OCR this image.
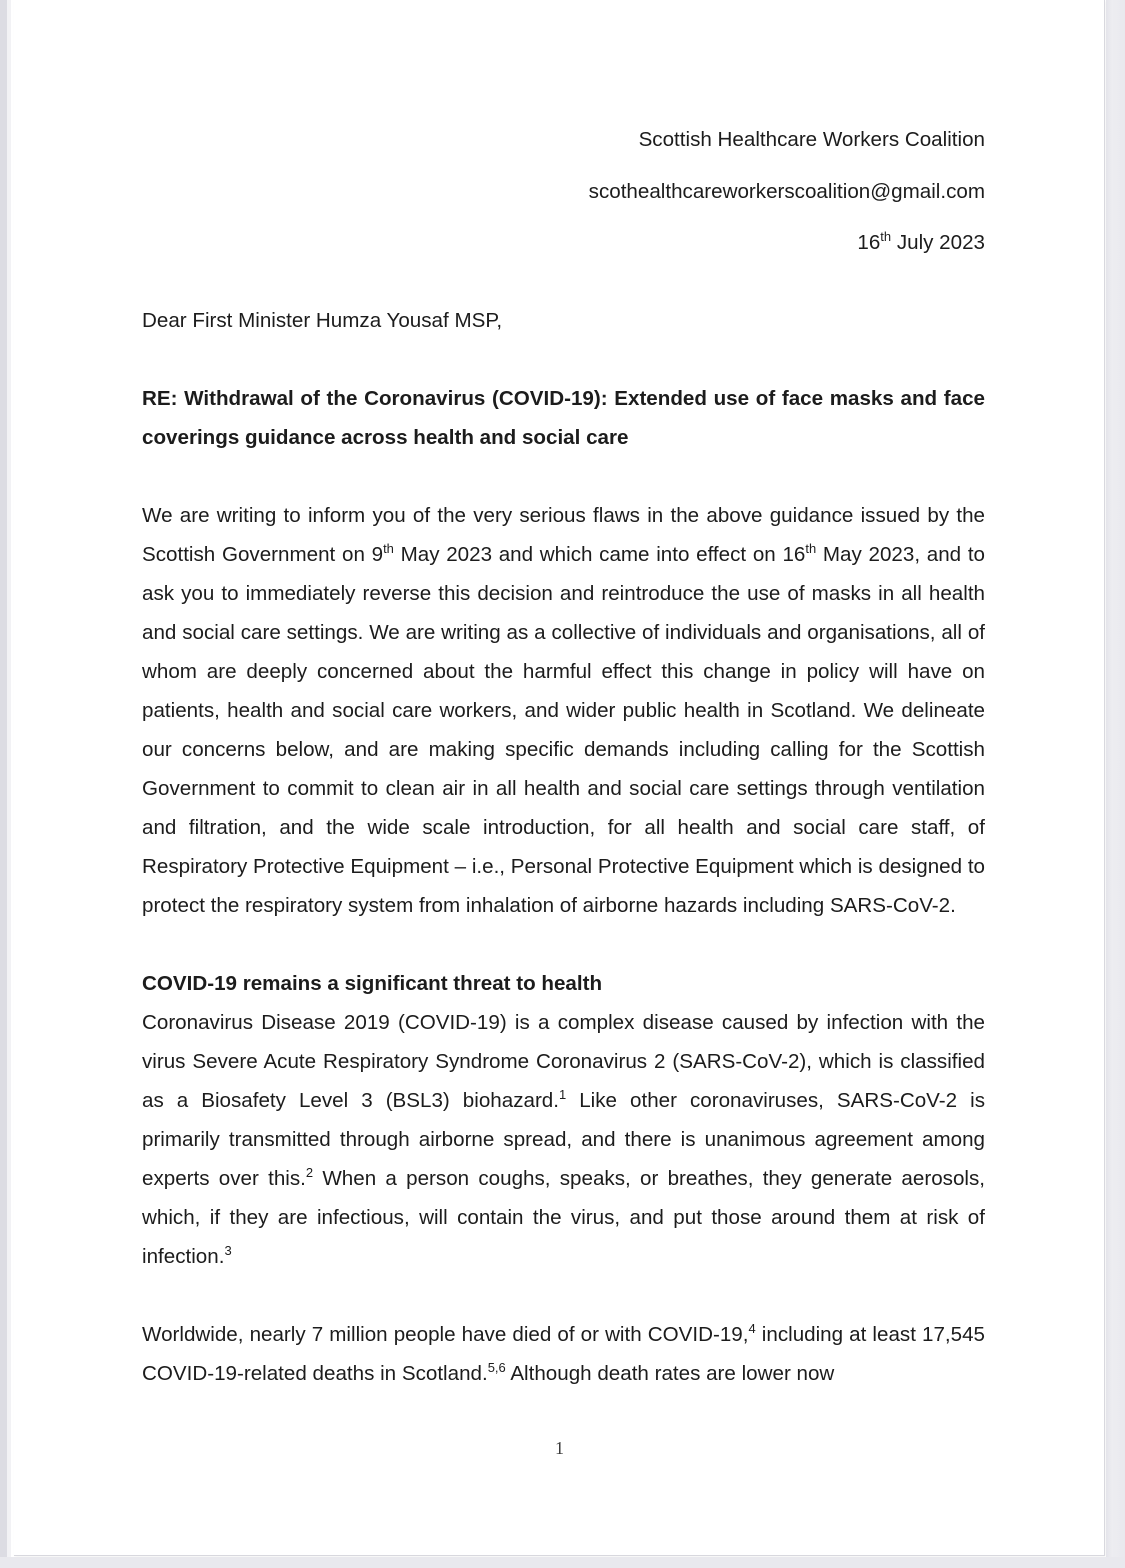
Scottish Healthcare Workers Coalition
scothealthcareworkerscoalition@gmail.com
16th July 2023

Dear First Minister Humza Yousaf MSP,

RE: Withdrawal of the Coronavirus (COVID-19): Extended use of face masks and face coverings guidance across health and social care

We are writing to inform you of the very serious flaws in the above guidance issued by the Scottish Government on 9th May 2023 and which came into effect on 16th May 2023, and to ask you to immediately reverse this decision and reintroduce the use of masks in all health and social care settings. We are writing as a collective of individuals and organisations, all of whom are deeply concerned about the harmful effect this change in policy will have on patients, health and social care workers, and wider public health in Scotland. We delineate our concerns below, and are making specific demands including calling for the Scottish Government to commit to clean air in all health and social care settings through ventilation and filtration, and the wide scale introduction, for all health and social care staff, of Respiratory Protective Equipment – i.e., Personal Protective Equipment which is designed to protect the respiratory system from inhalation of airborne hazards including SARS-CoV-2.

COVID-19 remains a significant threat to health

Coronavirus Disease 2019 (COVID-19) is a complex disease caused by infection with the virus Severe Acute Respiratory Syndrome Coronavirus 2 (SARS-CoV-2), which is classified as a Biosafety Level 3 (BSL3) biohazard.$^1$ Like other coronaviruses, SARS-CoV-2 is primarily transmitted through airborne spread, and there is unanimous agreement among experts over this.$^2$ When a person coughs, speaks, or breathes, they generate aerosols, which, if they are infectious, will contain the virus, and put those around them at risk of infection.$^3$

Worldwide, nearly 7 million people have died of or with COVID-19,$^4$ including at least 17,545 COVID-19-related deaths in Scotland.$^{5,6}$ Although death rates are lower now

1
